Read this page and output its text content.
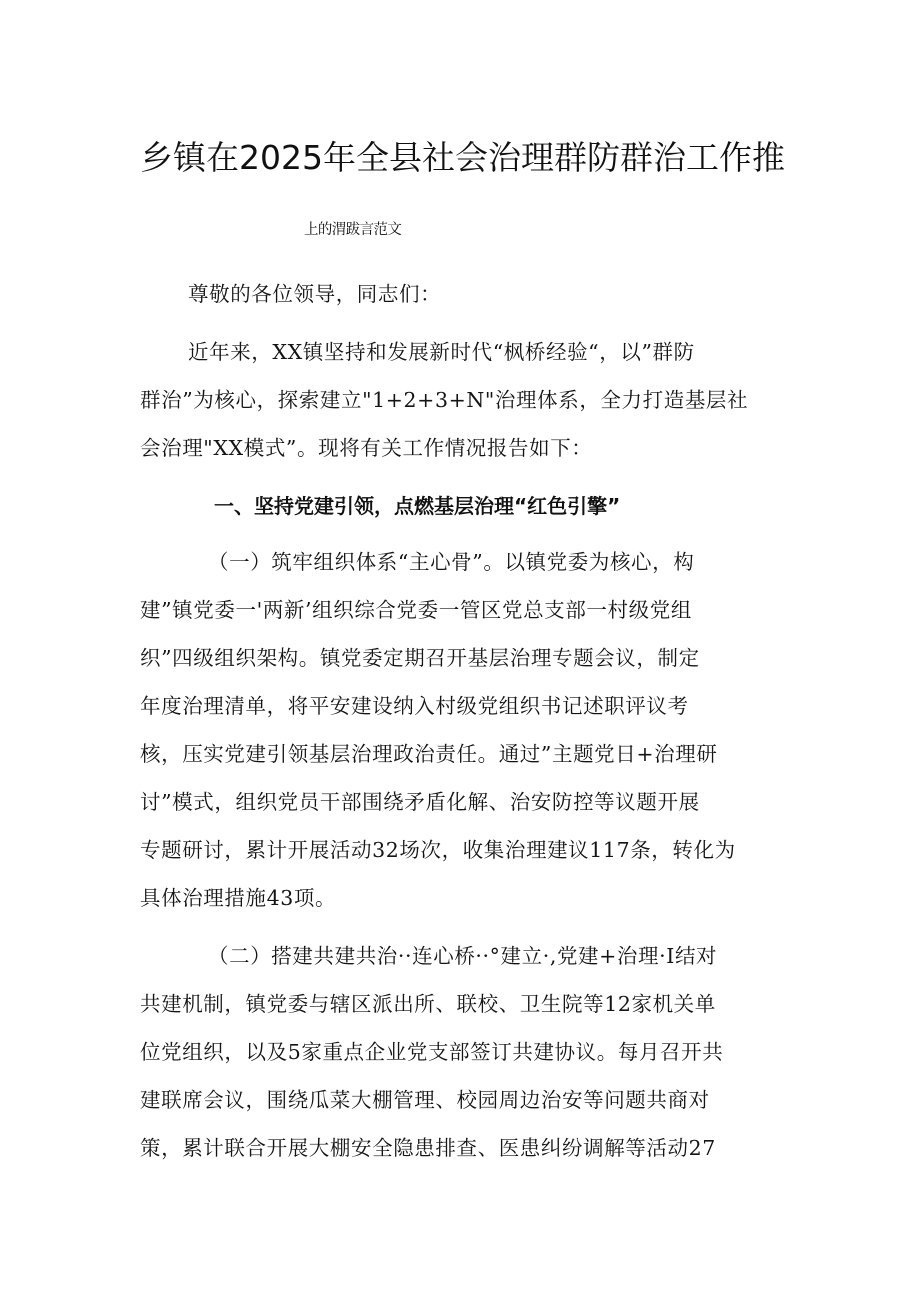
乡镇在2025年全县社会治理群防群治工作推
上的渭跋言范文
尊敬的各位领导，同志们：
近年来，XX镇坚持和发展新时代“枫桥经验“，以”群防
群治”为核心，探索建立"1+2+3+N"治理体系，全力打造基层社
会治理"XX模式”。现将有关工作情况报告如下：
一、坚持党建引领，点燃基层治理“红色引擎”
（一）筑牢组织体系“主心骨”。以镇党委为核心，构
建”镇党委一'两新’组织综合党委一管区党总支部一村级党组
织”四级组织架构。镇党委定期召开基层治理专题会议，制定
年度治理清单，将平安建设纳入村级党组织书记述职评议考
核，压实党建引领基层治理政治责任。通过”主题党日+治理研
讨”模式，组织党员干部围绕矛盾化解、治安防控等议题开展
专题研讨，累计开展活动32场次，收集治理建议117条，转化为
具体治理措施43项。
（二）搭建共建共治··连心桥··°建立·,党建+治理·I结对
共建机制，镇党委与辖区派出所、联校、卫生院等12家机关单
位党组织，以及5家重点企业党支部签订共建协议。每月召开共
建联席会议，围绕瓜菜大棚管理、校园周边治安等问题共商对
策，累计联合开展大棚安全隐患排查、医患纠纷调解等活动27
